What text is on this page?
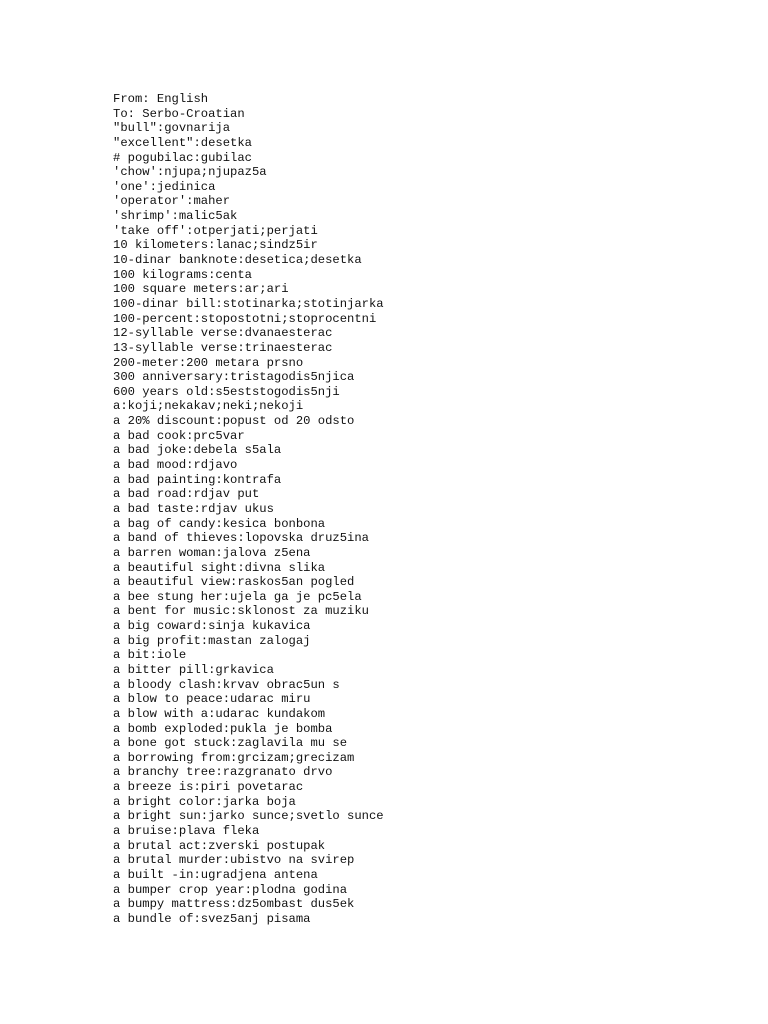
From: English
To: Serbo-Croatian
"bull":govnarija
"excellent":desetka
# pogubilac:gubilac
'chow':njupa;njupaz5a
'one':jedinica
'operator':maher
'shrimp':malic5ak
'take off':otperjati;perjati
10 kilometers:lanac;sindz5ir
10-dinar banknote:desetica;desetka
100 kilograms:centa
100 square meters:ar;ari
100-dinar bill:stotinarka;stotinjarka
100-percent:stopostotni;stoprocentni
12-syllable verse:dvanaesterac
13-syllable verse:trinaesterac
200-meter:200 metara prsno
300 anniversary:tristagodis5njica
600 years old:s5eststogodis5nji
a:koji;nekakav;neki;nekoji
a 20% discount:popust od 20 odsto
a bad cook:prc5var
a bad joke:debela s5ala
a bad mood:rdjavo
a bad painting:kontrafa
a bad road:rdjav put
a bad taste:rdjav ukus
a bag of candy:kesica bonbona
a band of thieves:lopovska druz5ina
a barren woman:jalova z5ena
a beautiful sight:divna slika
a beautiful view:raskos5an pogled
a bee stung her:ujela ga je pc5ela
a bent for music:sklonost za muziku
a big coward:sinja kukavica
a big profit:mastan zalogaj
a bit:iole
a bitter pill:grkavica
a bloody clash:krvav obrac5un s
a blow to peace:udarac miru
a blow with a:udarac kundakom
a bomb exploded:pukla je bomba
a bone got stuck:zaglavila mu se
a borrowing from:grcizam;grecizam
a branchy tree:razgranato drvo
a breeze is:piri povetarac
a bright color:jarka boja
a bright sun:jarko sunce;svetlo sunce
a bruise:plava fleka
a brutal act:zverski postupak
a brutal murder:ubistvo na svirep
a built -in:ugradjena antena
a bumper crop year:plodna godina
a bumpy mattress:dz5ombast dus5ek
a bundle of:svez5anj pisama
